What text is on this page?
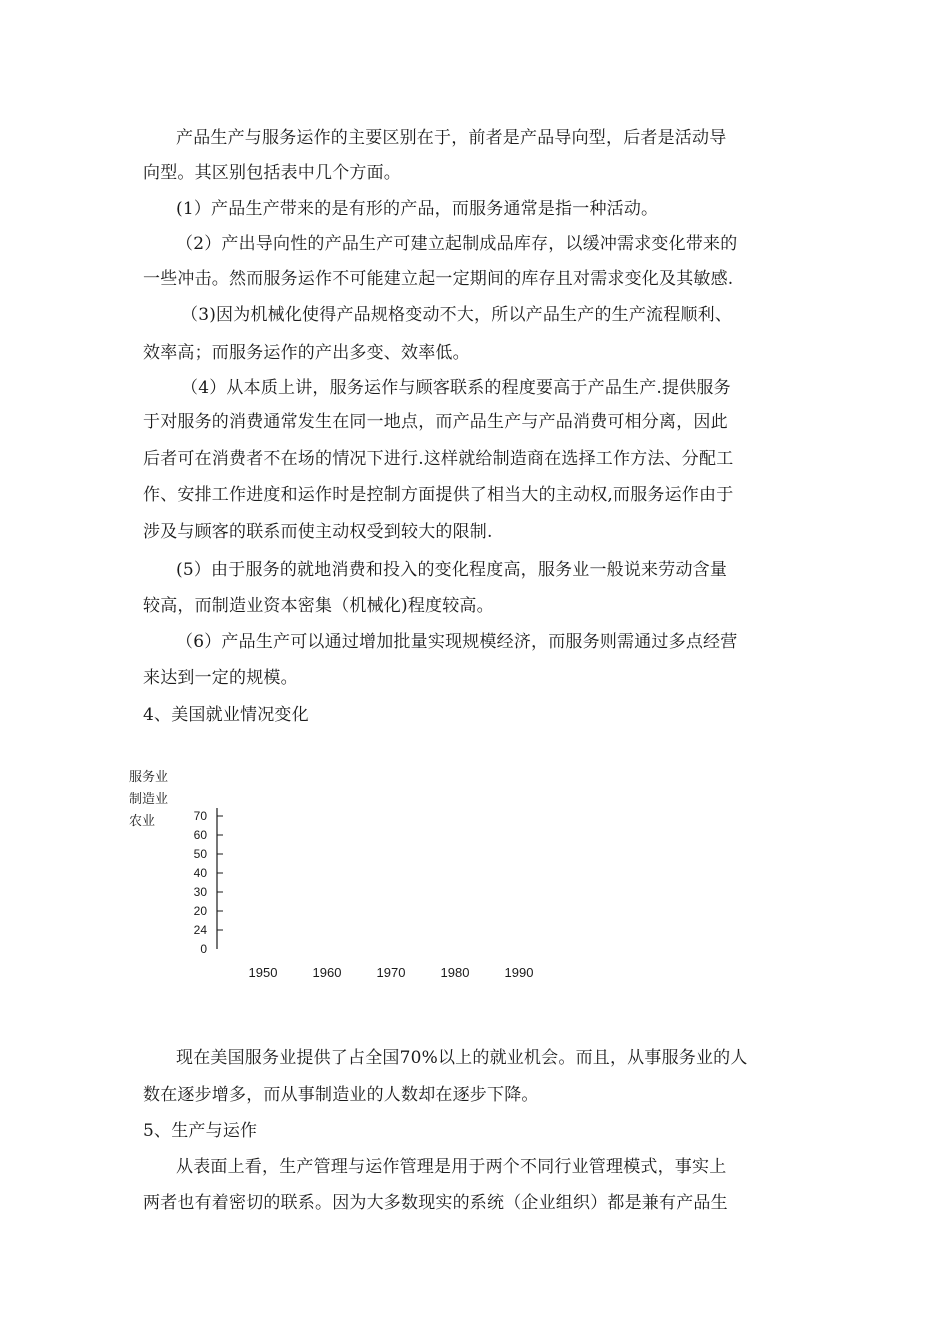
产品生产与服务运作的主要区别在于，前者是产品导向型，后者是活动导
向型。其区别包括表中几个方面。
(1）产品生产带来的是有形的产品，而服务通常是指一种活动。
（2）产出导向性的产品生产可建立起制成品库存，以缓冲需求变化带来的
一些冲击。然而服务运作不可能建立起一定期间的库存且对需求变化及其敏感.
（3)因为机械化使得产品规格变动不大，所以产品生产的生产流程顺利、
效率高；而服务运作的产出多变、效率低。
（4）从本质上讲，服务运作与顾客联系的程度要高于产品生产.提供服务
于对服务的消费通常发生在同一地点，而产品生产与产品消费可相分离，因此
后者可在消费者不在场的情况下进行.这样就给制造商在选择工作方法、分配工
作、安排工作进度和运作时是控制方面提供了相当大的主动权,而服务运作由于
涉及与顾客的联系而使主动权受到较大的限制.
(5）由于服务的就地消费和投入的变化程度高，服务业一般说来劳动含量
较高，而制造业资本密集（机械化)程度较高。
（6）产品生产可以通过增加批量实现规模经济，而服务则需通过多点经营
来达到一定的规模。
4、美国就业情况变化
服务业
制造业
农业	70
60
50
40
30
20
24
0
1950	1960	1970	1980	1990
现在美国服务业提供了占全国70%以上的就业机会。而且，从事服务业的人
数在逐步增多，而从事制造业的人数却在逐步下降。
5、生产与运作
从表面上看，生产管理与运作管理是用于两个不同行业管理模式，事实上
两者也有着密切的联系。因为大多数现实的系统（企业组织）都是兼有产品生
